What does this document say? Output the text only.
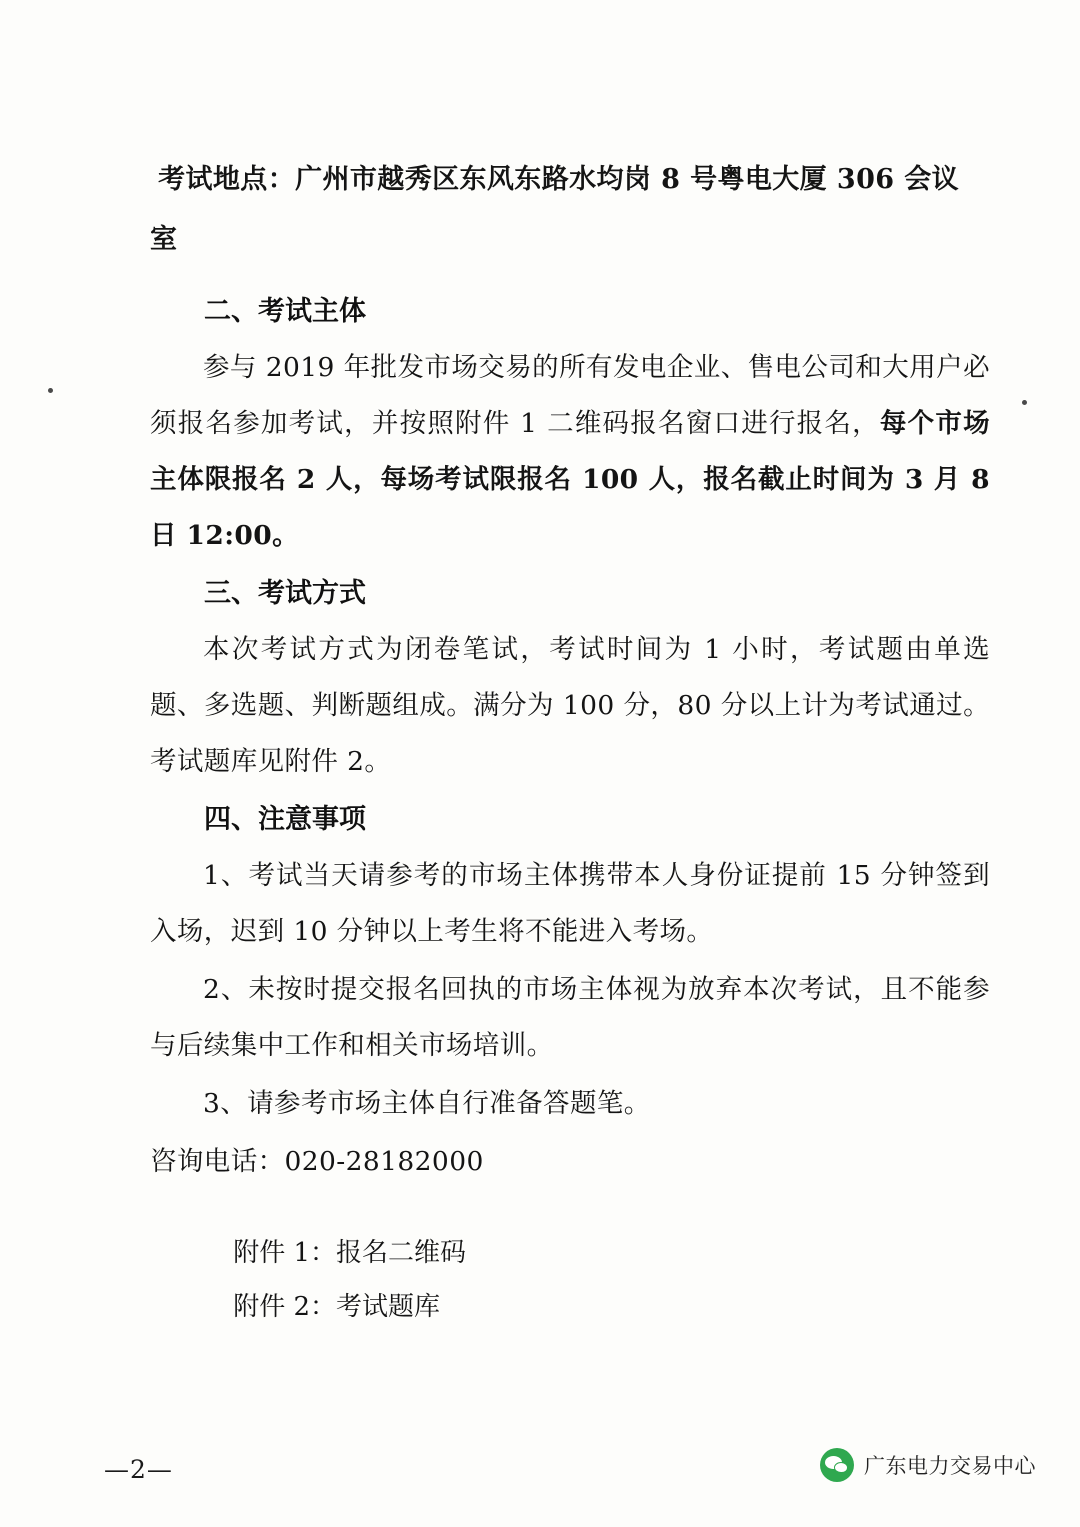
考试地点：广州市越秀区东风东路水均岗 8 号粤电大厦 306 会议
室

二、考试主体

参与 2019 年批发市场交易的所有发电企业、售电公司和大用户必须报名参加考试，并按照附件 1 二维码报名窗口进行报名，每个市场主体限报名 2 人，每场考试限报名 100 人，报名截止时间为 3 月 8 日 12:00。

三、考试方式

本次考试方式为闭卷笔试，考试时间为 1 小时，考试题由单选题、多选题、判断题组成。满分为 100 分，80 分以上计为考试通过。考试题库见附件 2。

四、注意事项

1、考试当天请参考的市场主体携带本人身份证提前 15 分钟签到入场，迟到 10 分钟以上考生将不能进入考场。

2、未按时提交报名回执的市场主体视为放弃本次考试，且不能参与后续集中工作和相关市场培训。

3、请参考市场主体自行准备答题笔。

咨询电话：020-28182000

附件 1：报名二维码

附件 2：考试题库

—2—	广东电力交易中心
